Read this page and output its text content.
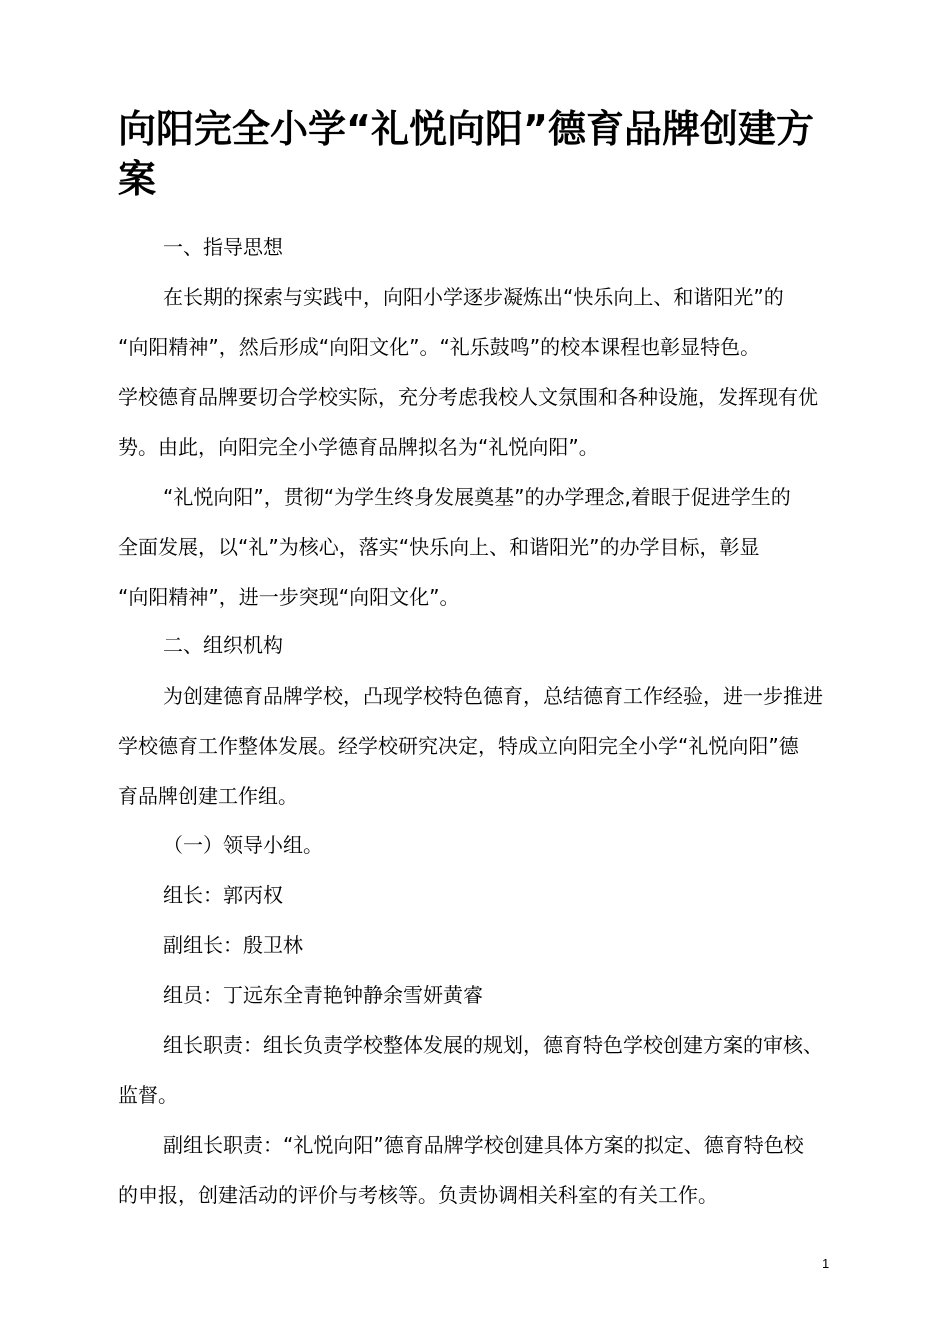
向阳完全小学“礼悦向阳”德育品牌创建方案

一、指导思想

在长期的探索与实践中，向阳小学逐步凝炼出“快乐向上、和谐阳光”的

“向阳精神”，然后形成“向阳文化”。“礼乐鼓鸣”的校本课程也彰显特色。

学校德育品牌要切合学校实际，充分考虑我校人文氛围和各种设施，发挥现有优

势。由此，向阳完全小学德育品牌拟名为“礼悦向阳”。

“礼悦向阳”，贯彻“为学生终身发展奠基”的办学理念,着眼于促进学生的

全面发展，以“礼”为核心，落实“快乐向上、和谐阳光”的办学目标，彰显

“向阳精神”，进一步突现“向阳文化”。

二、组织机构

为创建德育品牌学校，凸现学校特色德育，总结德育工作经验，进一步推进

学校德育工作整体发展。经学校研究决定，特成立向阳完全小学“礼悦向阳”德

育品牌创建工作组。

（一）领导小组。

组长：郭丙权

副组长：殷卫林

组员：丁远东全青艳钟静余雪妍黄睿

组长职责：组长负责学校整体发展的规划，德育特色学校创建方案的审核、

监督。

副组长职责：“礼悦向阳”德育品牌学校创建具体方案的拟定、德育特色校

的申报，创建活动的评价与考核等。负责协调相关科室的有关工作。

1
